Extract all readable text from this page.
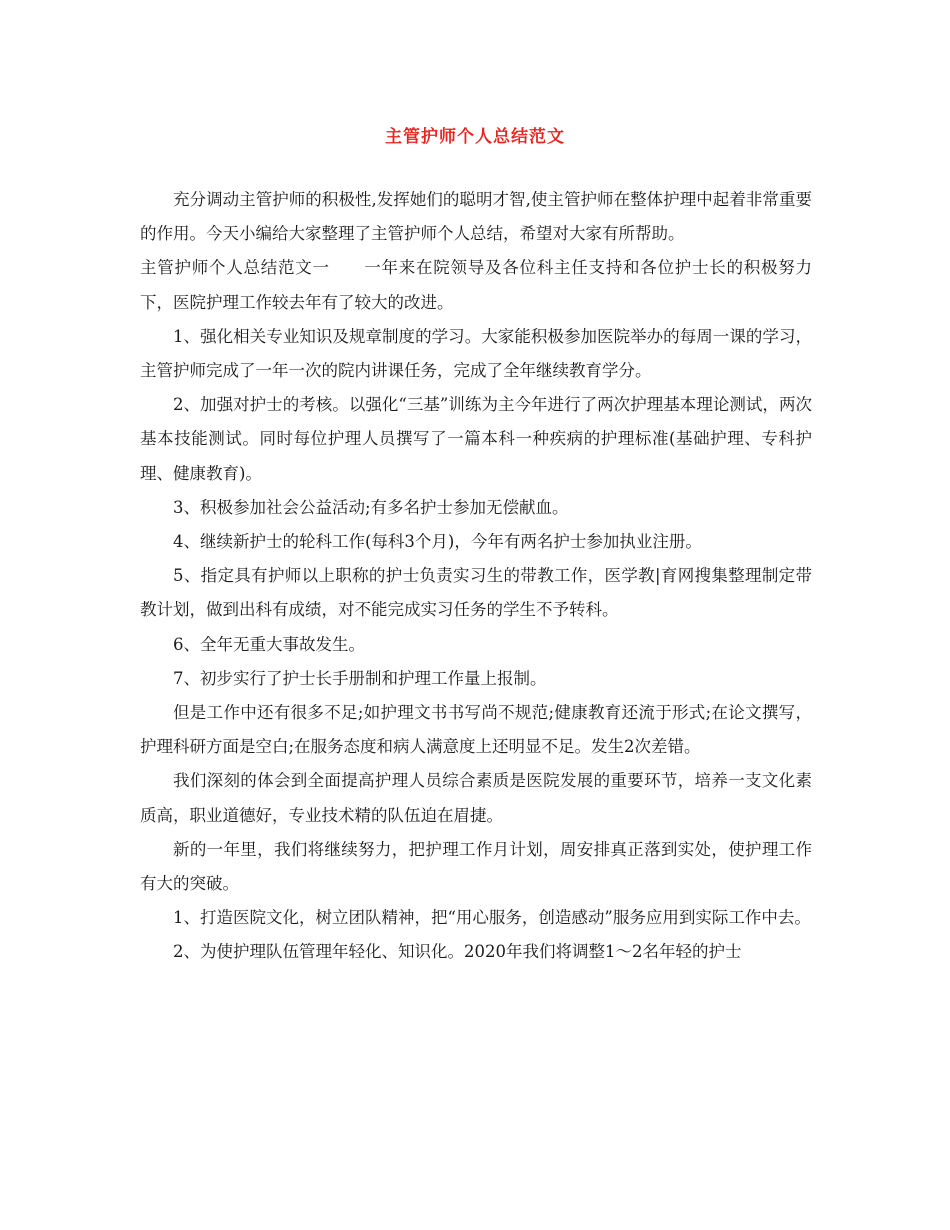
主管护师个人总结范文

充分调动主管护师的积极性,发挥她们的聪明才智,使主管护师在整体护理中起着非常重要的作用。今天小编给大家整理了主管护师个人总结，希望对大家有所帮助。

主管护师个人总结范文一　　一年来在院领导及各位科主任支持和各位护士长的积极努力下，医院护理工作较去年有了较大的改进。

1、强化相关专业知识及规章制度的学习。大家能积极参加医院举办的每周一课的学习，主管护师完成了一年一次的院内讲课任务，完成了全年继续教育学分。

2、加强对护士的考核。以强化“三基”训练为主今年进行了两次护理基本理论测试，两次基本技能测试。同时每位护理人员撰写了一篇本科一种疾病的护理标准(基础护理、专科护理、健康教育)。

3、积极参加社会公益活动;有多名护士参加无偿献血。

4、继续新护士的轮科工作(每科3个月)，今年有两名护士参加执业注册。

5、指定具有护师以上职称的护士负责实习生的带教工作，医学教|育网搜集整理制定带教计划，做到出科有成绩，对不能完成实习任务的学生不予转科。

6、全年无重大事故发生。

7、初步实行了护士长手册制和护理工作量上报制。

但是工作中还有很多不足;如护理文书书写尚不规范;健康教育还流于形式;在论文撰写，护理科研方面是空白;在服务态度和病人满意度上还明显不足。发生2次差错。

我们深刻的体会到全面提高护理人员综合素质是医院发展的重要环节，培养一支文化素质高，职业道德好，专业技术精的队伍迫在眉捷。

新的一年里，我们将继续努力，把护理工作月计划，周安排真正落到实处，使护理工作有大的突破。

1、打造医院文化，树立团队精神，把“用心服务，创造感动”服务应用到实际工作中去。

2、为使护理队伍管理年轻化、知识化。2020年我们将调整1～2名年轻的护士
